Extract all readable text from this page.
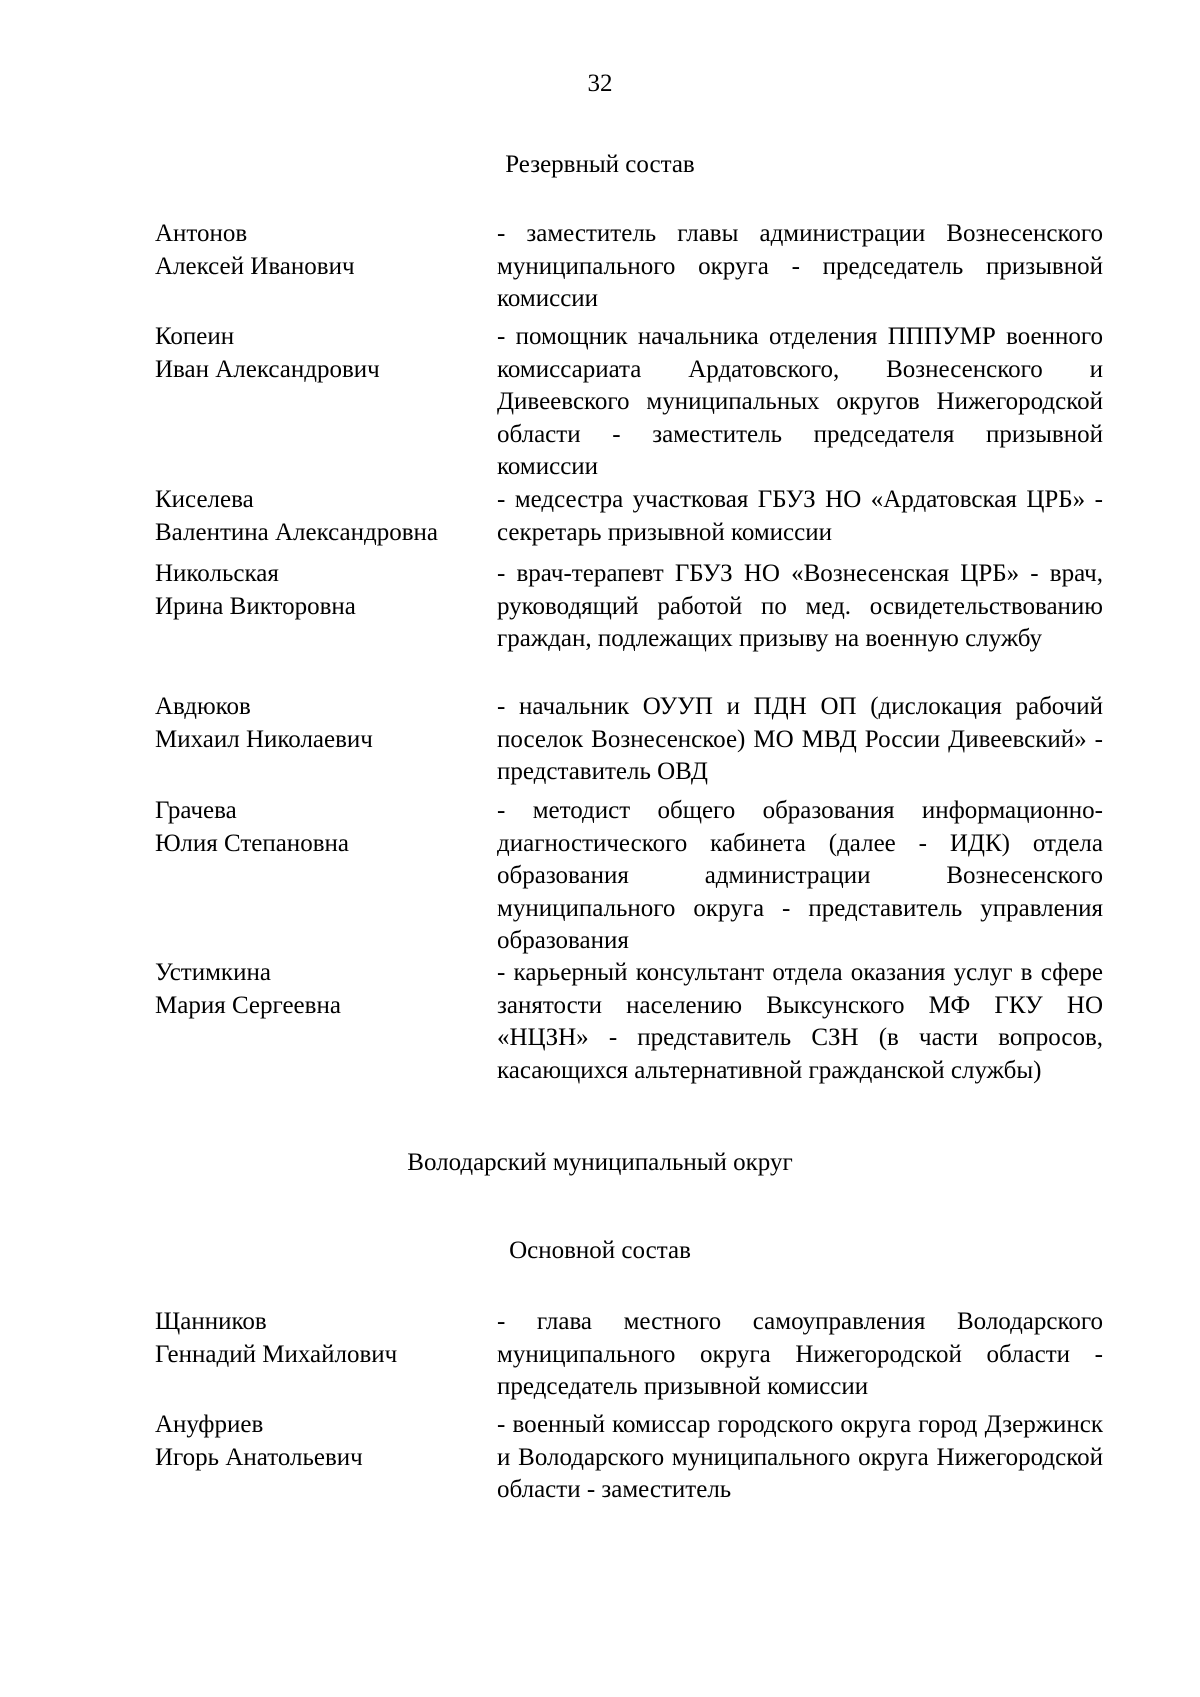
32
Резервный состав
Антонов
Алексей Иванович
- заместитель главы администрации Вознесенского муниципального округа - председатель призывной комиссии
Копеин
Иван Александрович
- помощник начальника отделения ПППУМР военного комиссариата Ардатовского, Вознесенского и Дивеевского муниципальных округов Нижегородской области - заместитель председателя призывной комиссии
Киселева
Валентина Александровна
- медсестра участковая ГБУЗ НО «Ардатовская ЦРБ» - секретарь призывной комиссии
Никольская
Ирина Викторовна
- врач-терапевт ГБУЗ НО «Вознесенская ЦРБ» - врач, руководящий работой по мед. освидетельствованию граждан, подлежащих призыву на военную службу
Авдюков
Михаил Николаевич
- начальник ОУУП и ПДН ОП (дислокация рабочий поселок Вознесенское) МО МВД России Дивеевский» - представитель ОВД
Грачева
Юлия Степановна
- методист общего образования информационно-диагностического кабинета (далее - ИДК) отдела образования администрации Вознесенского муниципального округа - представитель управления образования
Устимкина
Мария Сергеевна
- карьерный консультант отдела оказания услуг в сфере занятости населению Выксунского МФ ГКУ НО «НЦЗН» - представитель СЗН (в части вопросов, касающихся альтернативной гражданской службы)
Володарский муниципальный округ
Основной состав
Щанников
Геннадий Михайлович
- глава местного самоуправления Володарского муниципального округа Нижегородской области - председатель призывной комиссии
Ануфриев
Игорь Анатольевич
- военный комиссар городского округа город Дзержинск и Володарского муниципального округа Нижегородской области - заместитель
